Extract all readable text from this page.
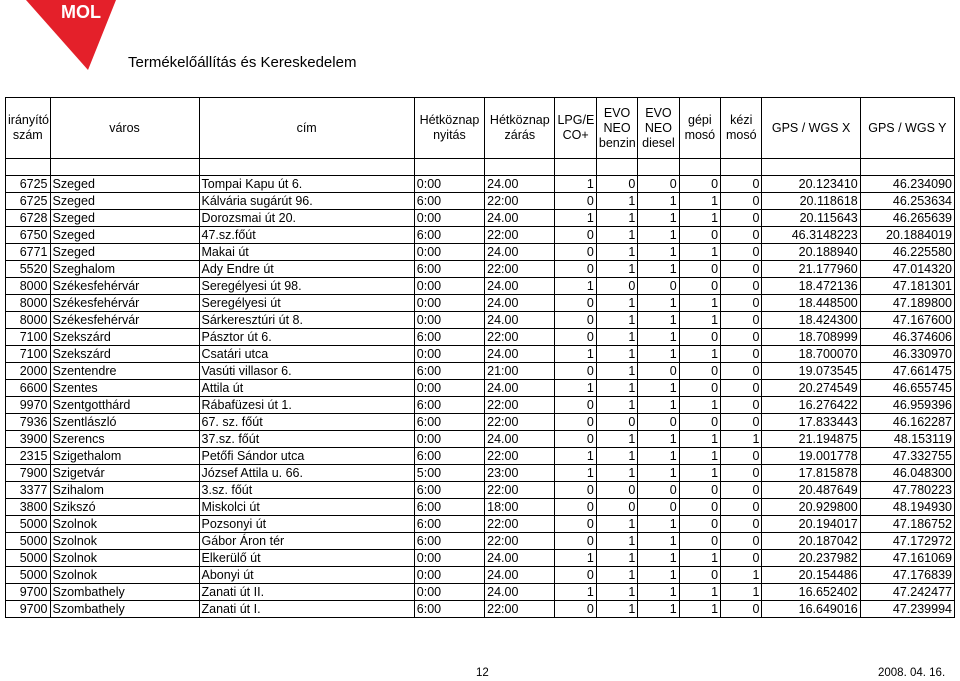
MOL
Termékelőállítás és Kereskedelem
irányító szám	város	cím	Hétköznap nyitás	Hétköznap zárás	LPG/E CO+	EVO NEO benzin	EVO NEO diesel	gépi mosó	kézi mosó	GPS / WGS X	GPS / WGS Y

6725	Szeged	Tompai Kapu út 6.	0:00	24.00	1	0	0	0	0	20.123410	46.234090
6725	Szeged	Kálvária sugárút 96.	6:00	22:00	0	1	1	1	0	20.118618	46.253634
6728	Szeged	Dorozsmai út 20.	0:00	24.00	1	1	1	1	0	20.115643	46.265639
6750	Szeged	47.sz.főút	6:00	22:00	0	1	1	0	0	46.3148223	20.1884019
6771	Szeged	Makai út	0:00	24.00	0	1	1	1	0	20.188940	46.225580
5520	Szeghalom	Ady Endre út	6:00	22:00	0	1	1	0	0	21.177960	47.014320
8000	Székesfehérvár	Seregélyesi út 98.	0:00	24.00	1	0	0	0	0	18.472136	47.181301
8000	Székesfehérvár	Seregélyesi út	0:00	24.00	0	1	1	1	0	18.448500	47.189800
8000	Székesfehérvár	Sárkeresztúri út 8.	0:00	24.00	0	1	1	1	0	18.424300	47.167600
7100	Szekszárd	Pásztor út 6.	6:00	22:00	0	1	1	0	0	18.708999	46.374606
7100	Szekszárd	Csatári utca	0:00	24.00	1	1	1	1	0	18.700070	46.330970
2000	Szentendre	Vasúti villasor 6.	6:00	21:00	0	1	0	0	0	19.073545	47.661475
6600	Szentes	Attila út	0:00	24.00	1	1	1	0	0	20.274549	46.655745
9970	Szentgotthárd	Rábafüzesi út 1.	6:00	22:00	0	1	1	1	0	16.276422	46.959396
7936	Szentlászló	67. sz. főút	6:00	22:00	0	0	0	0	0	17.833443	46.162287
3900	Szerencs	37.sz. főút	0:00	24.00	0	1	1	1	1	21.194875	48.153119
2315	Szigethalom	Petőfi Sándor utca	6:00	22:00	1	1	1	1	0	19.001778	47.332755
7900	Szigetvár	József Attila u. 66.	5:00	23:00	1	1	1	1	0	17.815878	46.048300
3377	Szihalom	3.sz. főút	6:00	22:00	0	0	0	0	0	20.487649	47.780223
3800	Szikszó	Miskolci út	6:00	18:00	0	0	0	0	0	20.929800	48.194930
5000	Szolnok	Pozsonyi út	6:00	22:00	0	1	1	0	0	20.194017	47.186752
5000	Szolnok	Gábor Áron tér	6:00	22:00	0	1	1	0	0	20.187042	47.172972
5000	Szolnok	Elkerülő út	0:00	24.00	1	1	1	1	0	20.237982	47.161069
5000	Szolnok	Abonyi út	0:00	24.00	0	1	1	0	1	20.154486	47.176839
9700	Szombathely	Zanati út II.	0:00	24.00	1	1	1	1	1	16.652402	47.242477
9700	Szombathely	Zanati út I.	6:00	22:00	0	1	1	1	0	16.649016	47.239994
12	2008. 04. 16.
